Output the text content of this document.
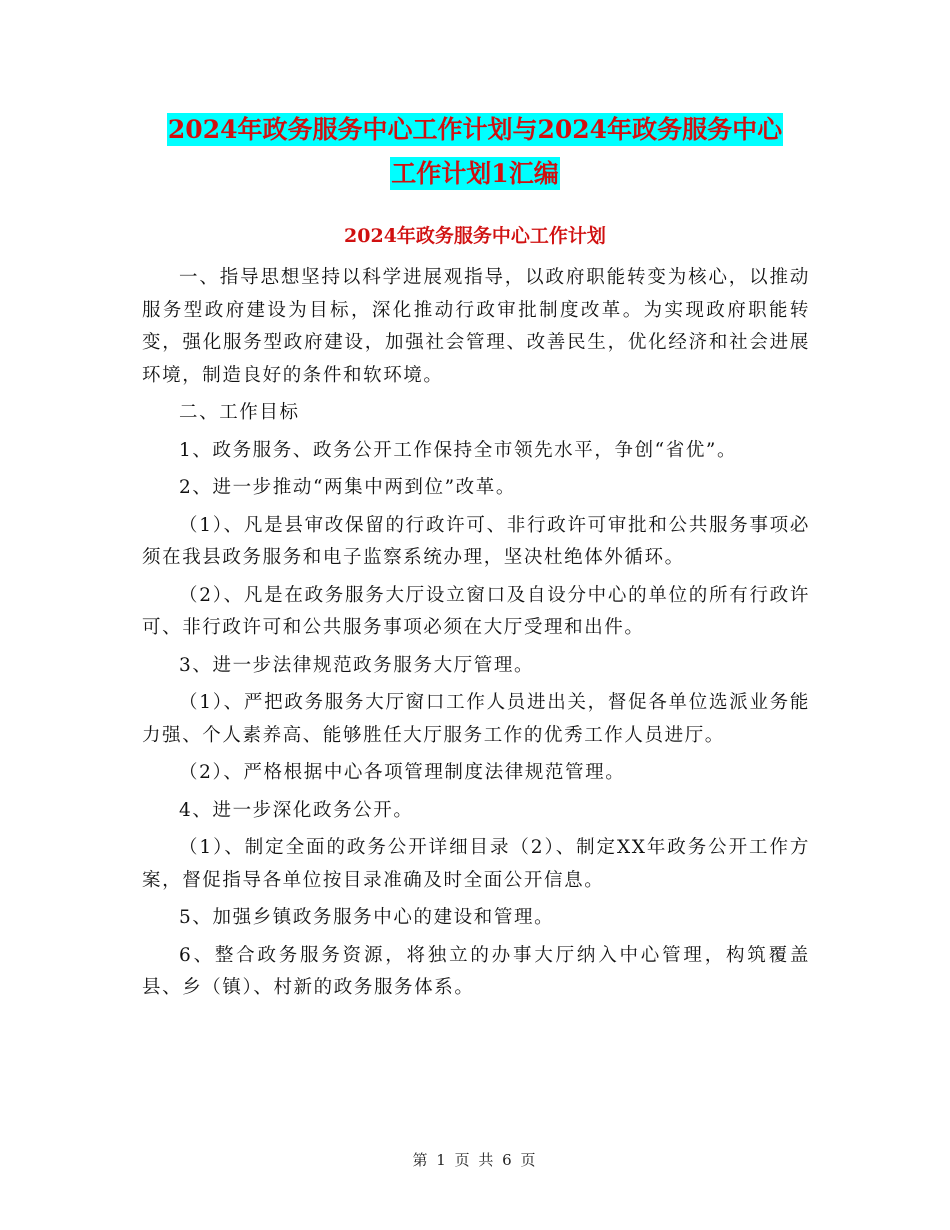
2024年政务服务中心工作计划与2024年政务服务中心
工作计划1汇编
2024年政务服务中心工作计划

一、指导思想坚持以科学进展观指导，以政府职能转变为核心，以推动服务型政府建设为目标，深化推动行政审批制度改革。为实现政府职能转变，强化服务型政府建设，加强社会管理、改善民生，优化经济和社会进展环境，制造良好的条件和软环境。

二、工作目标

1、政务服务、政务公开工作保持全市领先水平，争创“省优”。

2、进一步推动“两集中两到位”改革。

（1）、凡是县审改保留的行政许可、非行政许可审批和公共服务事项必须在我县政务服务和电子监察系统办理，坚决杜绝体外循环。

（2）、凡是在政务服务大厅设立窗口及自设分中心的单位的所有行政许可、非行政许可和公共服务事项必须在大厅受理和出件。

3、进一步法律规范政务服务大厅管理。

（1）、严把政务服务大厅窗口工作人员进出关，督促各单位选派业务能力强、个人素养高、能够胜任大厅服务工作的优秀工作人员进厅。

（2）、严格根据中心各项管理制度法律规范管理。

4、进一步深化政务公开。

（1）、制定全面的政务公开详细目录（2）、制定XX年政务公开工作方案，督促指导各单位按目录准确及时全面公开信息。

5、加强乡镇政务服务中心的建设和管理。

6、整合政务服务资源，将独立的办事大厅纳入中心管理，构筑覆盖县、乡（镇）、村新的政务服务体系。

第 1 页 共 6 页
